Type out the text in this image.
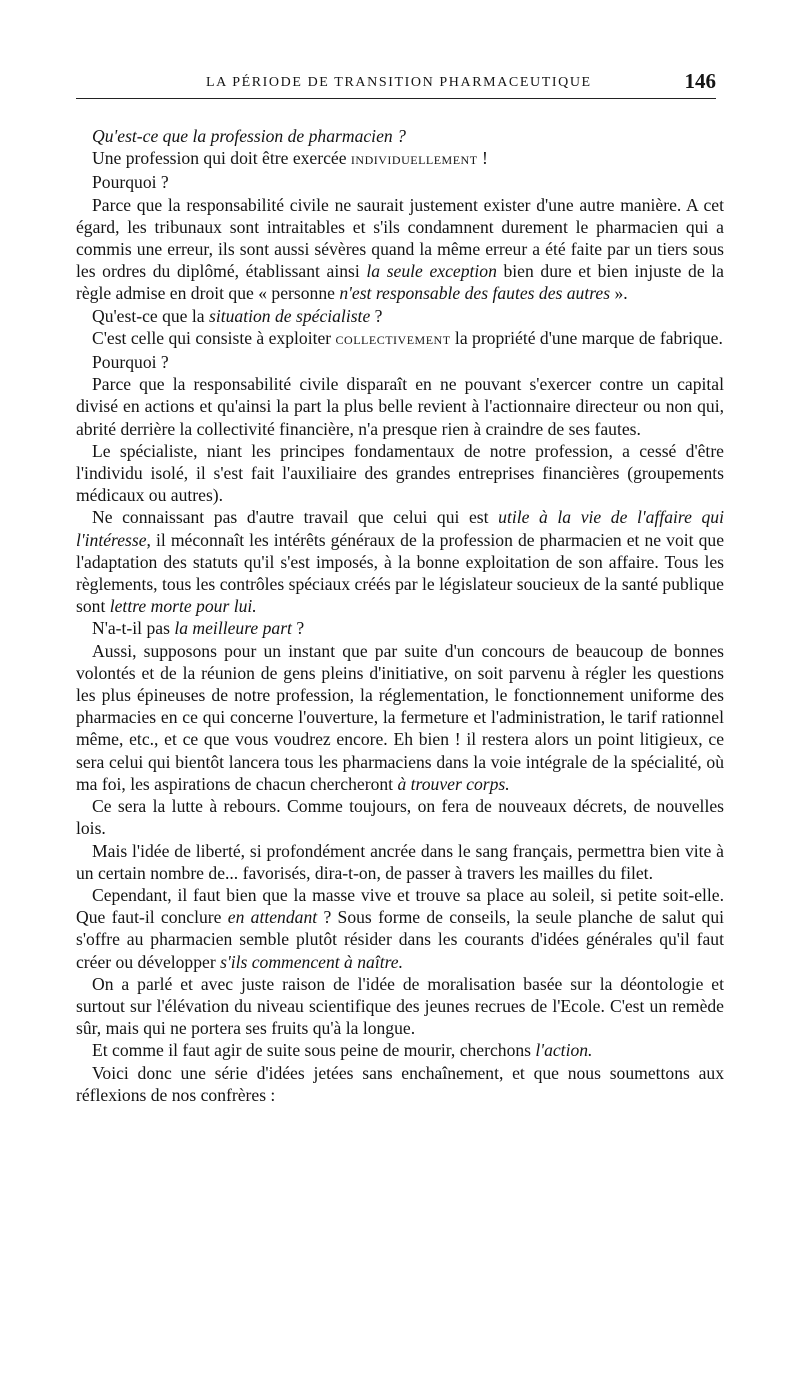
LA PÉRIODE DE TRANSITION PHARMACEUTIQUE	146

Qu'est-ce que la profession de pharmacien ?

Une profession qui doit être exercée INDIVIDUELLEMENT !

Pourquoi ?

Parce que la responsabilité civile ne saurait justement exister d'une autre manière. A cet égard, les tribunaux sont intraitables et s'ils condamnent durement le pharmacien qui a commis une erreur, ils sont aussi sévères quand la même erreur a été faite par un tiers sous les ordres du diplômé, établissant ainsi la seule exception bien dure et bien injuste de la règle admise en droit que « personne n'est responsable des fautes des autres ».

Qu'est-ce que la situation de spécialiste ?

C'est celle qui consiste à exploiter COLLECTIVEMENT la propriété d'une marque de fabrique.

Pourquoi ?

Parce que la responsabilité civile disparaît en ne pouvant s'exercer contre un capital divisé en actions et qu'ainsi la part la plus belle revient à l'actionnaire directeur ou non qui, abrité derrière la collectivité financière, n'a presque rien à craindre de ses fautes.

Le spécialiste, niant les principes fondamentaux de notre profession, a cessé d'être l'individu isolé, il s'est fait l'auxiliaire des grandes entreprises financières (groupements médicaux ou autres).

Ne connaissant pas d'autre travail que celui qui est utile à la vie de l'affaire qui l'intéresse, il méconnaît les intérêts généraux de la profession de pharmacien et ne voit que l'adaptation des statuts qu'il s'est imposés, à la bonne exploitation de son affaire. Tous les règlements, tous les contrôles spéciaux créés par le législateur soucieux de la santé publique sont lettre morte pour lui.

N'a-t-il pas la meilleure part ?

Aussi, supposons pour un instant que par suite d'un concours de beaucoup de bonnes volontés et de la réunion de gens pleins d'initiative, on soit parvenu à régler les questions les plus épineuses de notre profession, la réglementation, le fonctionnement uniforme des pharmacies en ce qui concerne l'ouverture, la fermeture et l'administration, le tarif rationnel même, etc., et ce que vous voudrez encore. Eh bien ! il restera alors un point litigieux, ce sera celui qui bientôt lancera tous les pharmaciens dans la voie intégrale de la spécialité, où ma foi, les aspirations de chacun chercheront à trouver corps.

Ce sera la lutte à rebours. Comme toujours, on fera de nouveaux décrets, de nouvelles lois.

Mais l'idée de liberté, si profondément ancrée dans le sang français, permettra bien vite à un certain nombre de... favorisés, dira-t-on, de passer à travers les mailles du filet.

Cependant, il faut bien que la masse vive et trouve sa place au soleil, si petite soit-elle. Que faut-il conclure en attendant ? Sous forme de conseils, la seule planche de salut qui s'offre au pharmacien semble plutôt résider dans les courants d'idées générales qu'il faut créer ou développer s'ils commencent à naître.

On a parlé et avec juste raison de l'idée de moralisation basée sur la déontologie et surtout sur l'élévation du niveau scientifique des jeunes recrues de l'Ecole. C'est un remède sûr, mais qui ne portera ses fruits qu'à la longue.

Et comme il faut agir de suite sous peine de mourir, cherchons l'action.

Voici donc une série d'idées jetées sans enchaînement, et que nous soumettons aux réflexions de nos confrères :
